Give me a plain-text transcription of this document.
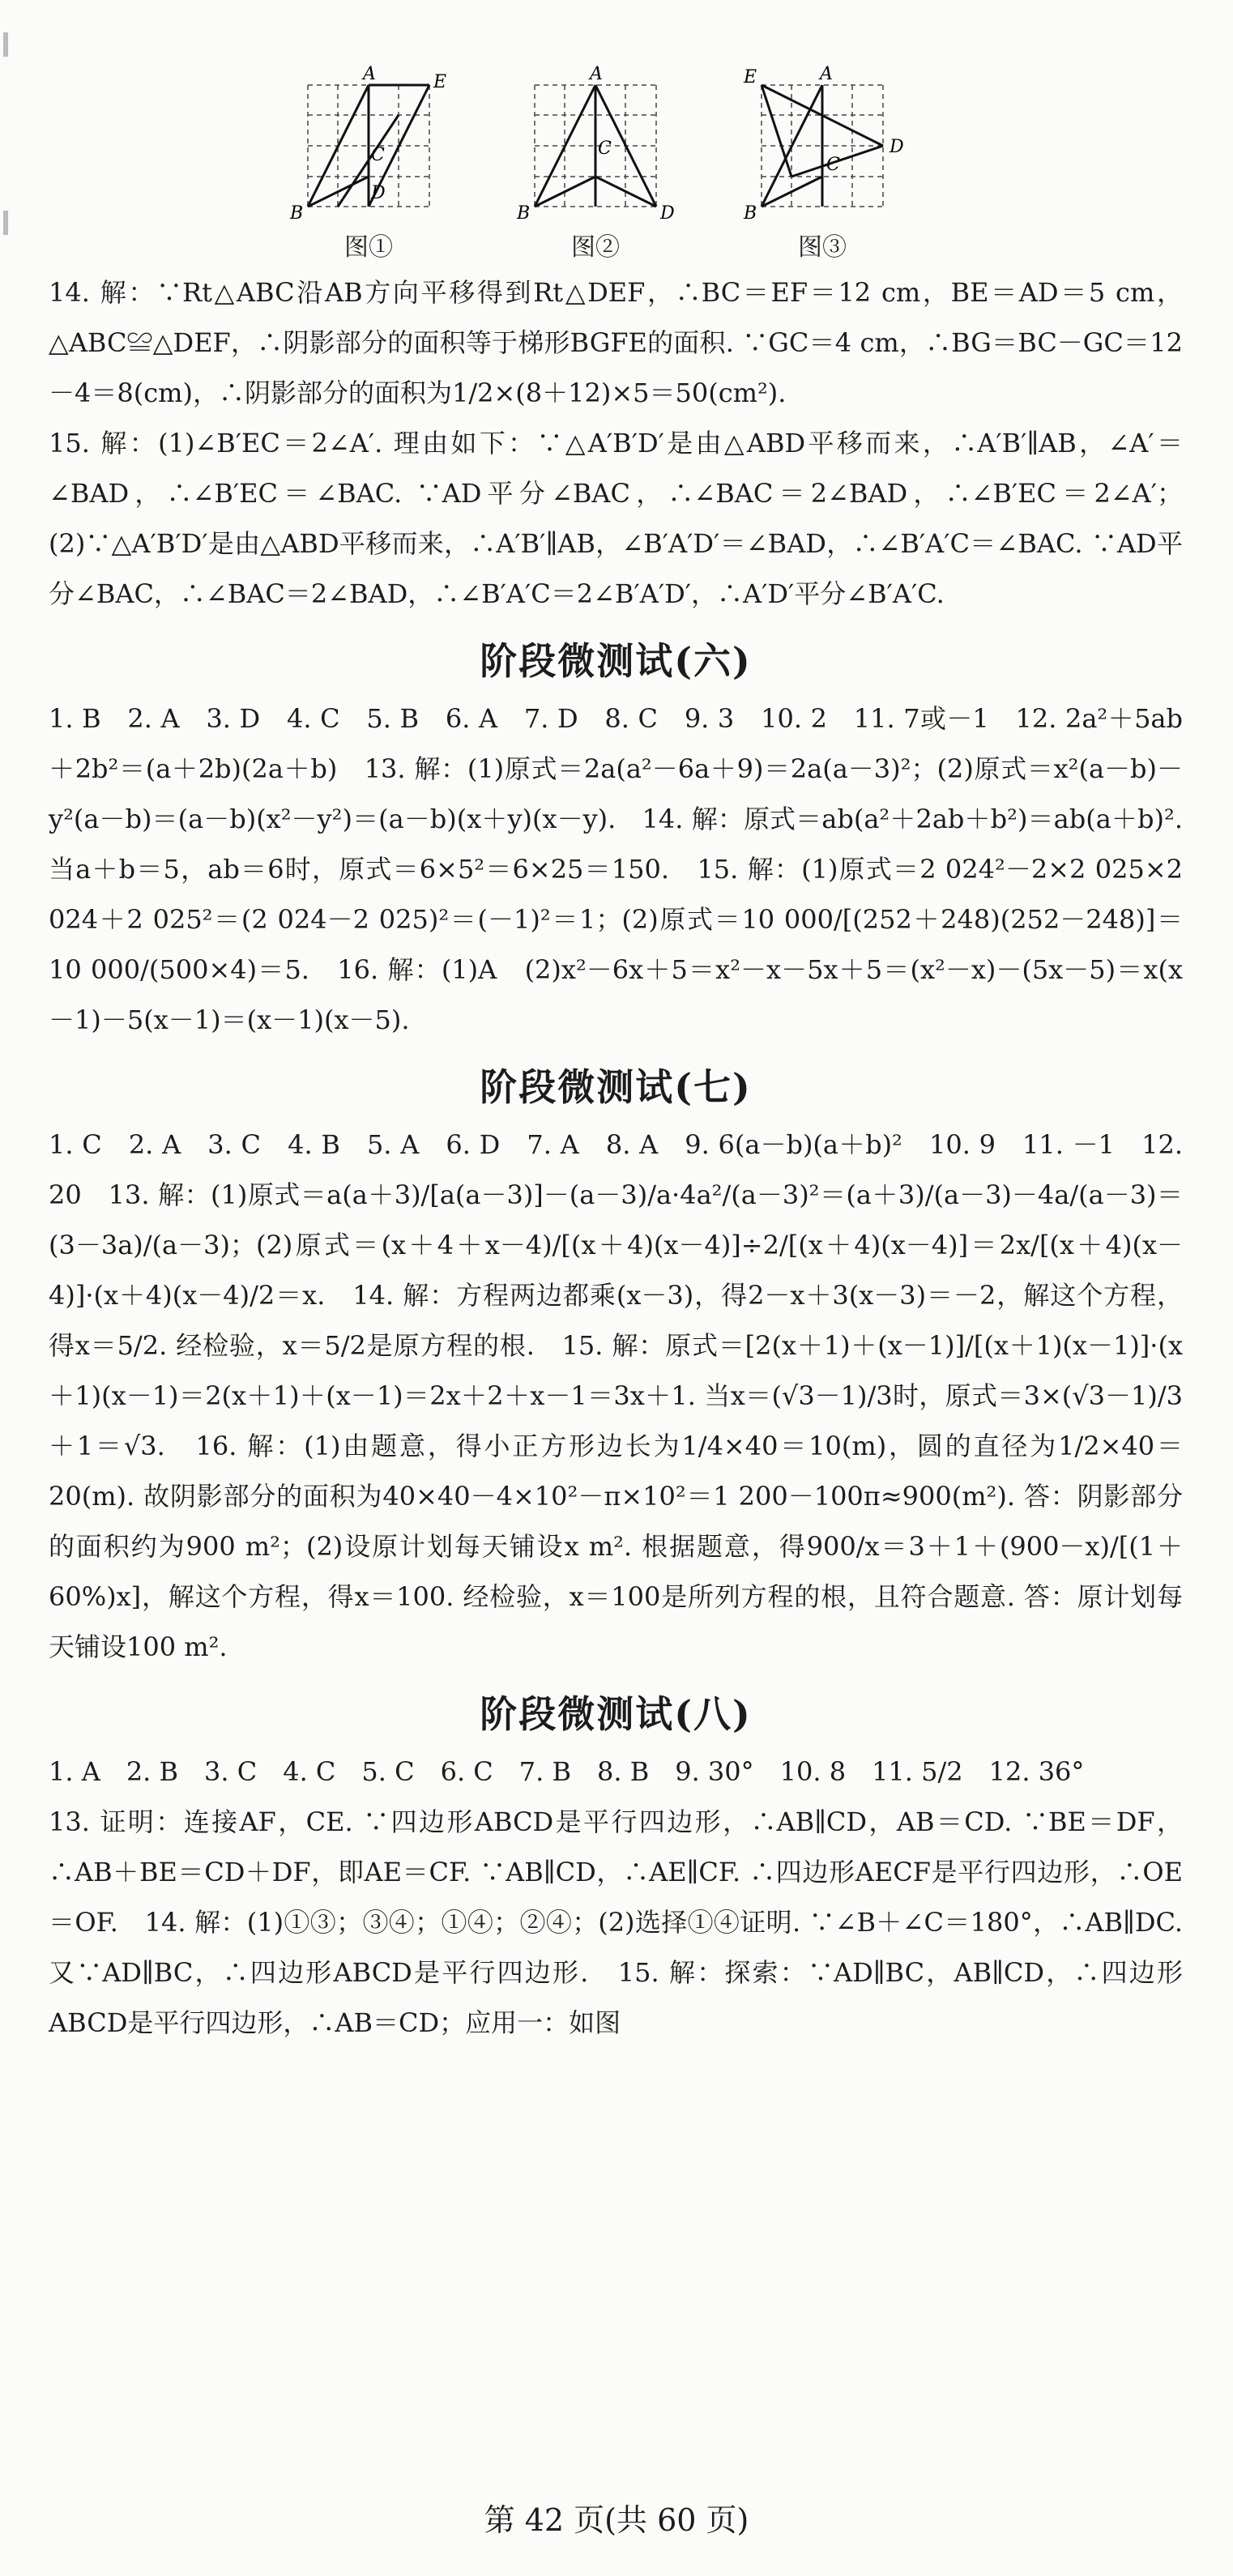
A	E
C
B
D
图①
A
C
B	D
图②
E	A
D
C
B
图③

14. 解：∵Rt△ABC沿AB方向平移得到Rt△DEF，∴BC＝EF＝12 cm，BE＝AD＝5 cm，△ABC≌△DEF，∴阴影部分的面积等于梯形BGFE的面积. ∵GC＝4 cm，∴BG＝BC－GC＝12－4＝8(cm)，∴阴影部分的面积为1/2×(8＋12)×5＝50(cm²).

15. 解：(1)∠B′EC＝2∠A′. 理由如下：∵△A′B′D′是由△ABD平移而来，∴A′B′∥AB，∠A′＝∠BAD，∴∠B′EC＝∠BAC. ∵AD平分∠BAC，∴∠BAC＝2∠BAD，∴∠B′EC＝2∠A′；(2)∵△A′B′D′是由△ABD平移而来，∴A′B′∥AB，∠B′A′D′＝∠BAD，∴∠B′A′C＝∠BAC. ∵AD平分∠BAC，∴∠BAC＝2∠BAD，∴∠B′A′C＝2∠B′A′D′，∴A′D′平分∠B′A′C.

阶段微测试(六)

1. B　2. A　3. D　4. C　5. B　6. A　7. D　8. C　9. 3　10. 2　11. 7或－1　12. 2a²＋5ab＋2b²＝(a＋2b)(2a＋b)　13. 解：(1)原式＝2a(a²－6a＋9)＝2a(a－3)²；(2)原式＝x²(a－b)－y²(a－b)＝(a－b)(x²－y²)＝(a－b)(x＋y)(x－y).　14. 解：原式＝ab(a²＋2ab＋b²)＝ab(a＋b)². 当a＋b＝5，ab＝6时，原式＝6×5²＝6×25＝150.　15. 解：(1)原式＝2 024²－2×2 025×2 024＋2 025²＝(2 024－2 025)²＝(－1)²＝1；(2)原式＝10 000/[(252＋248)(252－248)]＝10 000/(500×4)＝5.　16. 解：(1)A　(2)x²－6x＋5＝x²－x－5x＋5＝(x²－x)－(5x－5)＝x(x－1)－5(x－1)＝(x－1)(x－5).

阶段微测试(七)

1. C　2. A　3. C　4. B　5. A　6. D　7. A　8. A　9. 6(a－b)(a＋b)²　10. 9　11. －1　12. 20　13. 解：(1)原式＝a(a＋3)/[a(a－3)]－(a－3)/a·4a²/(a－3)²＝(a＋3)/(a－3)－4a/(a－3)＝(3－3a)/(a－3)；(2)原式＝(x＋4＋x－4)/[(x＋4)(x－4)]÷2/[(x＋4)(x－4)]＝2x/[(x＋4)(x－4)]·(x＋4)(x－4)/2＝x.　14. 解：方程两边都乘(x－3)，得2－x＋3(x－3)＝－2，解这个方程，得x＝5/2. 经检验，x＝5/2是原方程的根.　15. 解：原式＝[2(x＋1)＋(x－1)]/[(x＋1)(x－1)]·(x＋1)(x－1)＝2(x＋1)＋(x－1)＝2x＋2＋x－1＝3x＋1. 当x＝(√3－1)/3时，原式＝3×(√3－1)/3＋1＝√3.　16. 解：(1)由题意，得小正方形边长为1/4×40＝10(m)，圆的直径为1/2×40＝20(m). 故阴影部分的面积为40×40－4×10²－π×10²＝1 200－100π≈900(m²). 答：阴影部分的面积约为900 m²；(2)设原计划每天铺设x m². 根据题意，得900/x＝3＋1＋(900－x)/[(1＋60%)x]，解这个方程，得x＝100. 经检验，x＝100是所列方程的根，且符合题意. 答：原计划每天铺设100 m².

阶段微测试(八)

1. A　2. B　3. C　4. C　5. C　6. C　7. B　8. B　9. 30°　10. 8　11. 5/2　12. 36°

13. 证明：连接AF，CE. ∵四边形ABCD是平行四边形，∴AB∥CD，AB＝CD. ∵BE＝DF，∴AB＋BE＝CD＋DF，即AE＝CF. ∵AB∥CD，∴AE∥CF. ∴四边形AECF是平行四边形，∴OE＝OF.　14. 解：(1)①③；③④；①④；②④；(2)选择①④证明. ∵∠B＋∠C＝180°，∴AB∥DC. 又∵AD∥BC，∴四边形ABCD是平行四边形.　15. 解：探索：∵AD∥BC，AB∥CD，∴四边形ABCD是平行四边形，∴AB＝CD；应用一：如图

第 42 页(共 60 页)
